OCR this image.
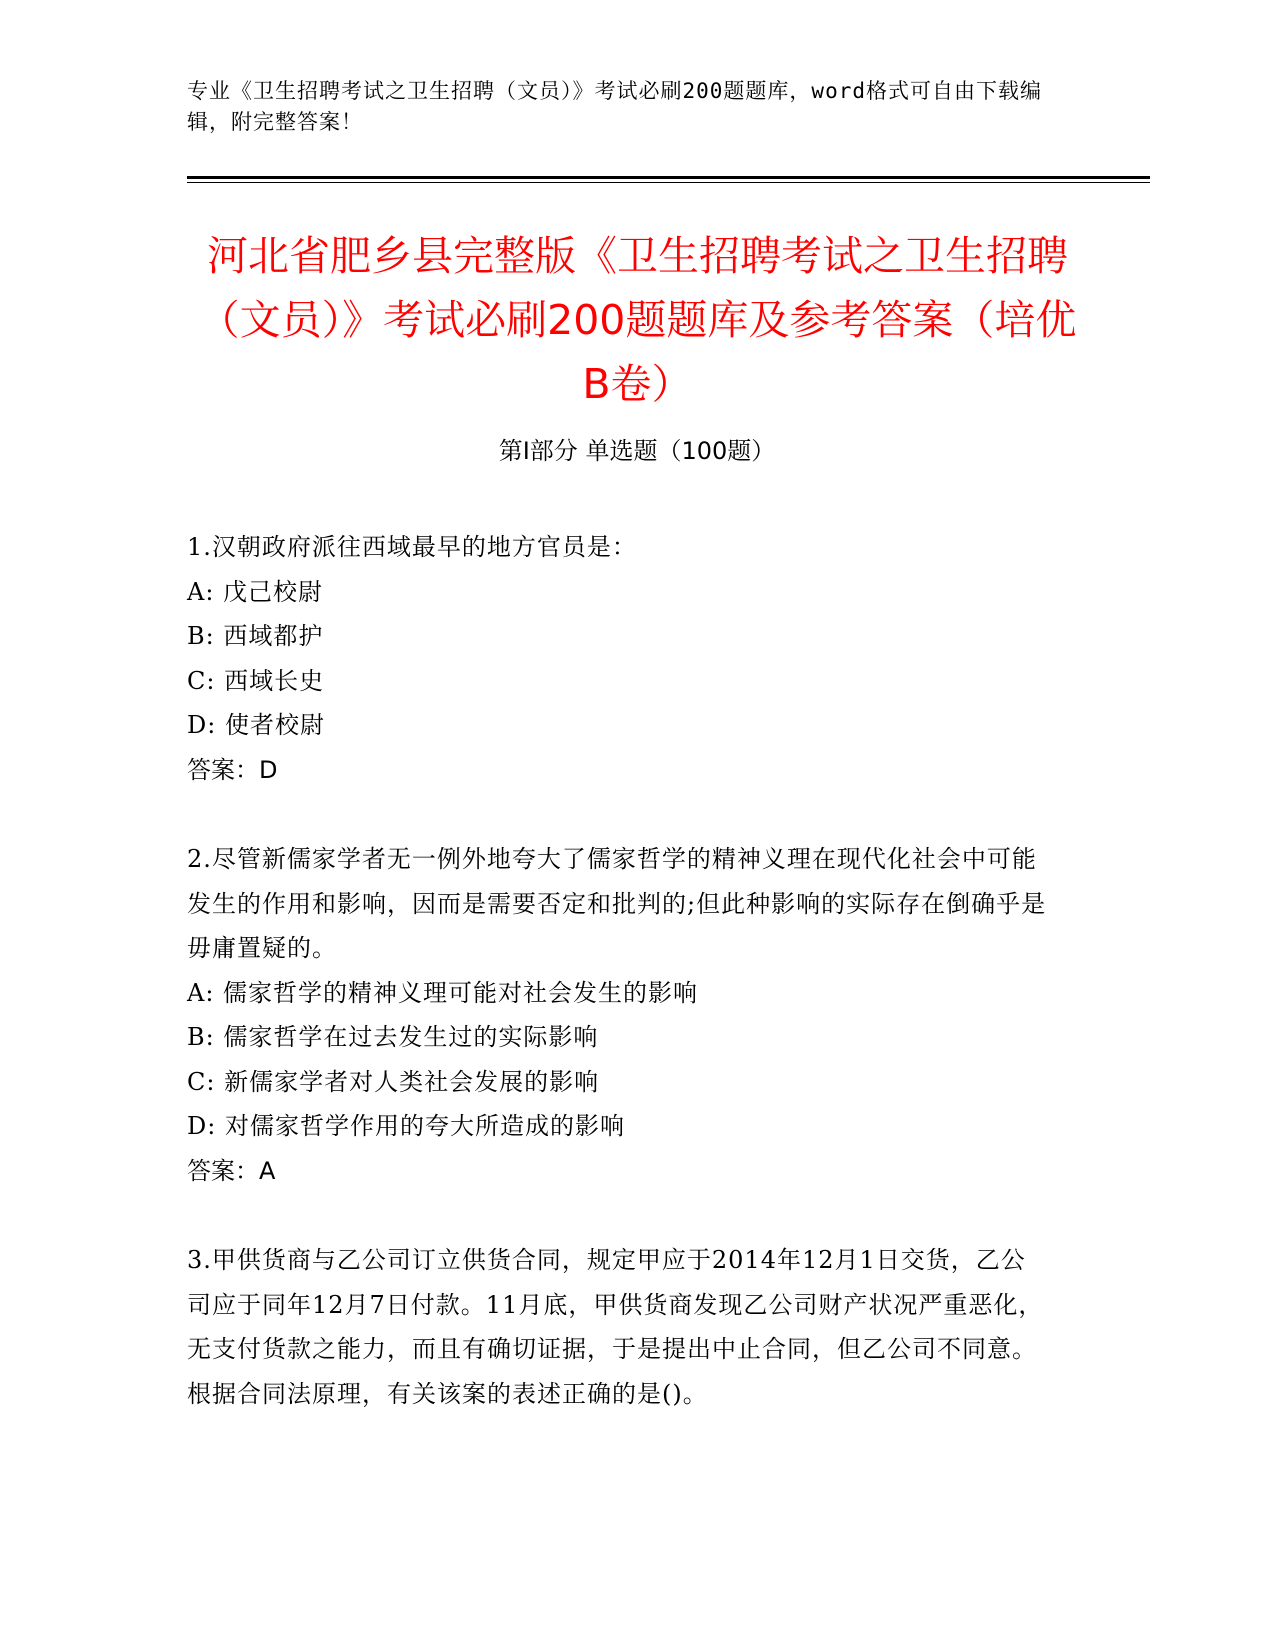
专业《卫生招聘考试之卫生招聘（文员）》考试必刷200题题库，word格式可自由下载编辑，附完整答案！
河北省肥乡县完整版《卫生招聘考试之卫生招聘（文员）》考试必刷200题题库及参考答案（培优B卷）
第I部分 单选题（100题）
1.汉朝政府派往西域最早的地方官员是：
A: 戊己校尉
B: 西域都护
C: 西域长史
D: 使者校尉
答案：D
2.尽管新儒家学者无一例外地夸大了儒家哲学的精神义理在现代化社会中可能发生的作用和影响，因而是需要否定和批判的;但此种影响的实际存在倒确乎是毋庸置疑的。
A: 儒家哲学的精神义理可能对社会发生的影响
B: 儒家哲学在过去发生过的实际影响
C: 新儒家学者对人类社会发展的影响
D: 对儒家哲学作用的夸大所造成的影响
答案：A
3.甲供货商与乙公司订立供货合同，规定甲应于2014年12月1日交货，乙公司应于同年12月7日付款。11月底，甲供货商发现乙公司财产状况严重恶化，无支付货款之能力，而且有确切证据，于是提出中止合同，但乙公司不同意。根据合同法原理，有关该案的表述正确的是()。
